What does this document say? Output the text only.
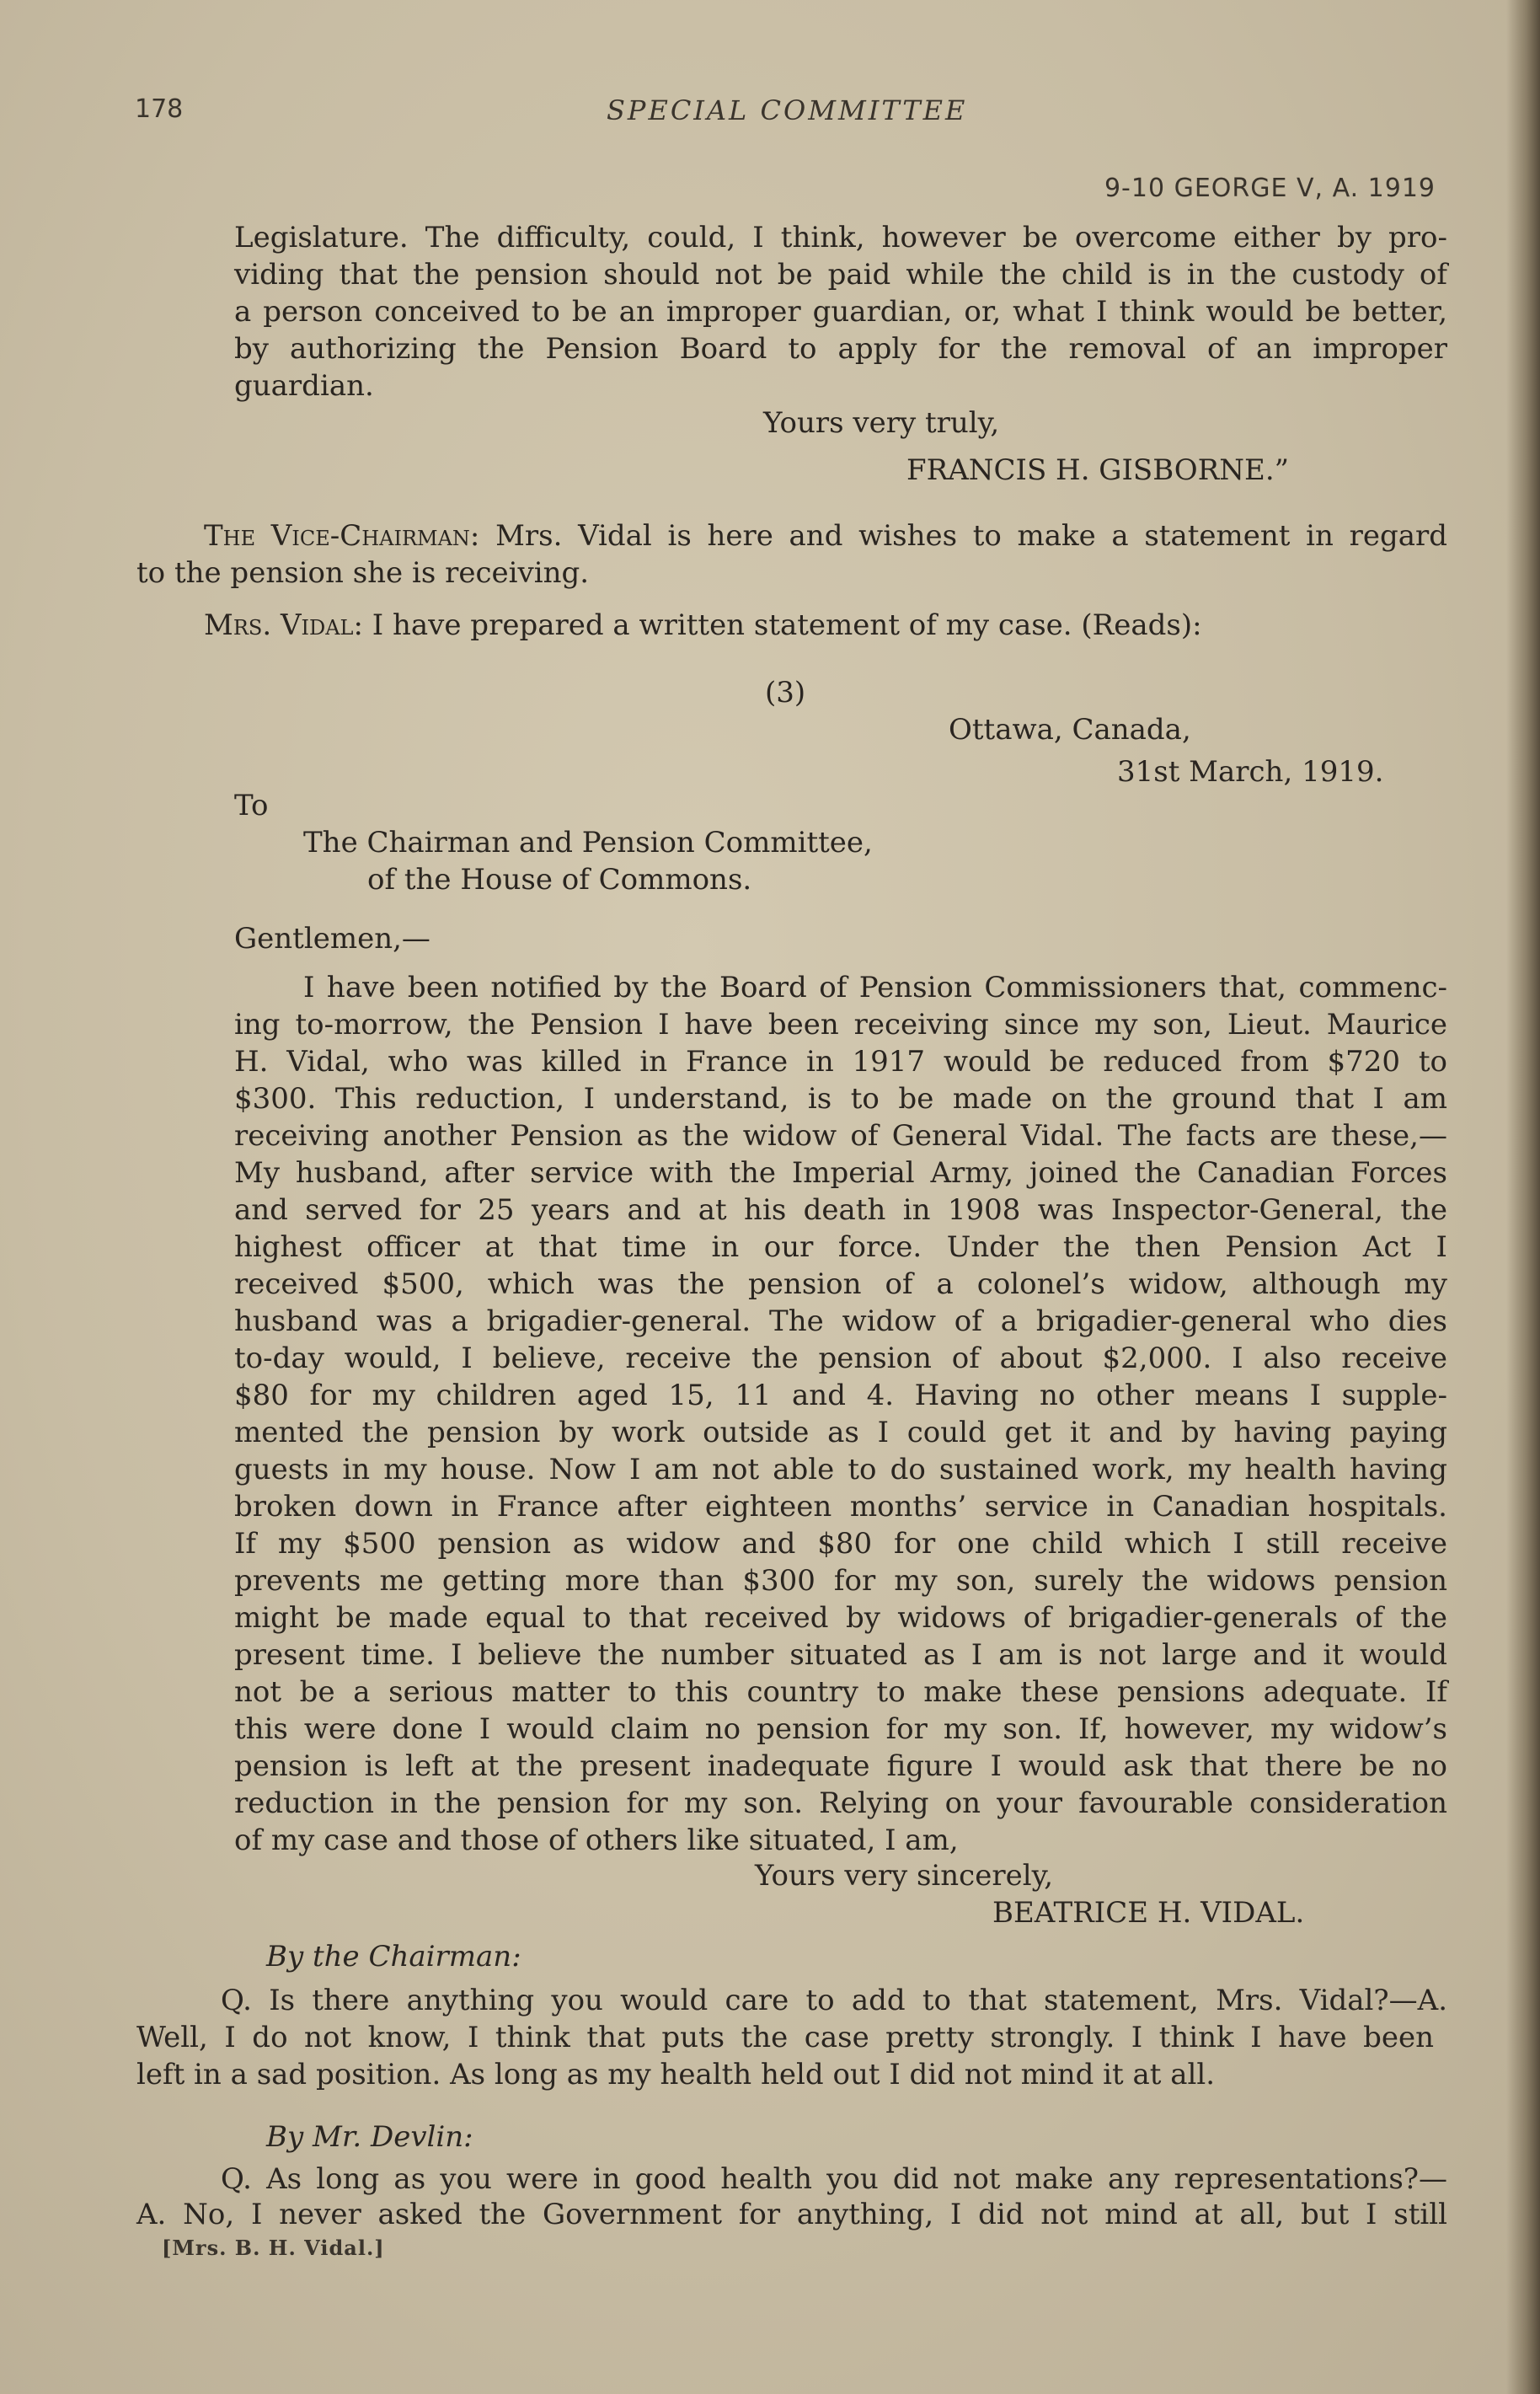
178	SPECIAL COMMITTEE
9-10 GEORGE V, A. 1919
Legislature. The difficulty, could, I think, however be overcome either by pro-
viding that the pension should not be paid while the child is in the custody of
a person conceived to be an improper guardian, or, what I think would be better,
by authorizing the Pension Board to apply for the removal of an improper
guardian.
Yours very truly,
FRANCIS H. GISBORNE.”
The Vice-Chairman: Mrs. Vidal is here and wishes to make a statement in regard
to the pension she is receiving.
Mrs. Vidal: I have prepared a written statement of my case. (Reads):
(3)
Ottawa, Canada,
31st March, 1919.
To
The Chairman and Pension Committee,
of the House of Commons.
Gentlemen,—
I have been notified by the Board of Pension Commissioners that, commenc-
ing to-morrow, the Pension I have been receiving since my son, Lieut. Maurice
H. Vidal, who was killed in France in 1917 would be reduced from $720 to
$300. This reduction, I understand, is to be made on the ground that I am
receiving another Pension as the widow of General Vidal. The facts are these,—
My husband, after service with the Imperial Army, joined the Canadian Forces
and served for 25 years and at his death in 1908 was Inspector-General, the
highest officer at that time in our force. Under the then Pension Act I
received $500, which was the pension of a colonel’s widow, although my
husband was a brigadier-general. The widow of a brigadier-general who dies
to-day would, I believe, receive the pension of about $2,000. I also receive
$80 for my children aged 15, 11 and 4. Having no other means I supple-
mented the pension by work outside as I could get it and by having paying
guests in my house. Now I am not able to do sustained work, my health having
broken down in France after eighteen months’ service in Canadian hospitals.
If my $500 pension as widow and $80 for one child which I still receive
prevents me getting more than $300 for my son, surely the widows pension
might be made equal to that received by widows of brigadier-generals of the
present time. I believe the number situated as I am is not large and it would
not be a serious matter to this country to make these pensions adequate. If
this were done I would claim no pension for my son. If, however, my widow’s
pension is left at the present inadequate figure I would ask that there be no
reduction in the pension for my son. Relying on your favourable consideration
of my case and those of others like situated, I am,
Yours very sincerely,
BEATRICE H. VIDAL.
By the Chairman:
Q. Is there anything you would care to add to that statement, Mrs. Vidal?—A.
Well, I do not know, I think that puts the case pretty strongly. I think I have been
left in a sad position. As long as my health held out I did not mind it at all.
By Mr. Devlin:
Q. As long as you were in good health you did not make any representations?—
A. No, I never asked the Government for anything, I did not mind at all, but I still
[Mrs. B. H. Vidal.]
